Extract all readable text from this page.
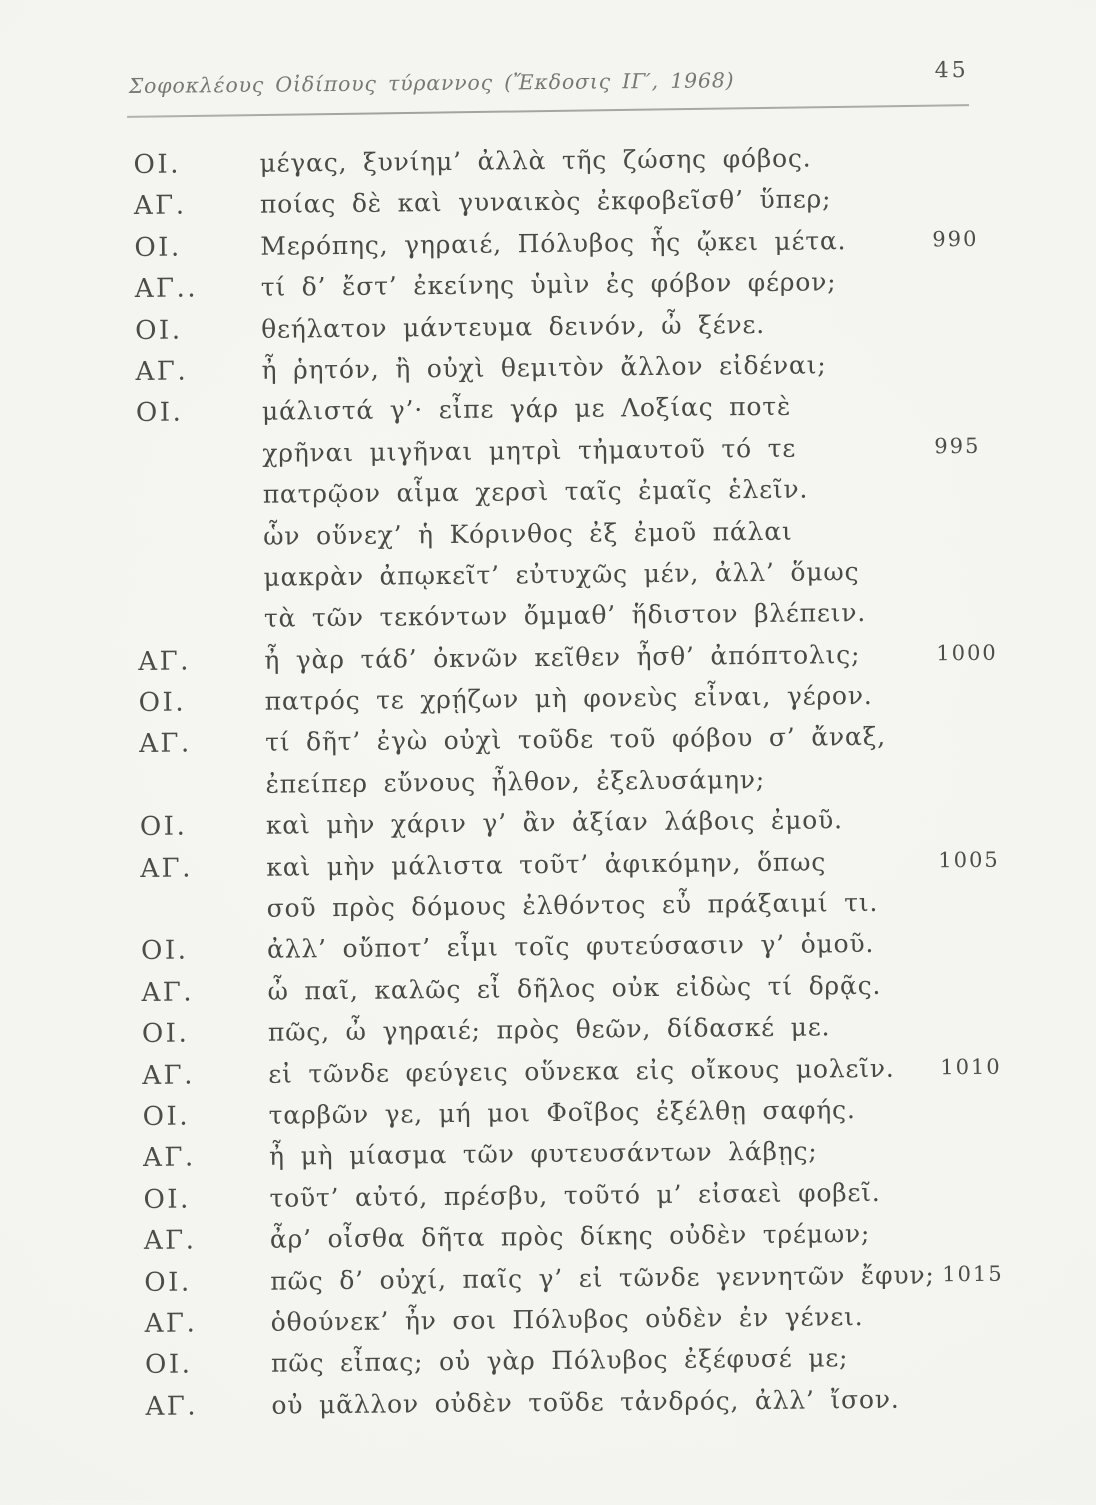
Σοφοκλέους Οἰδίπους τύραννος (Ἔκδοσις ΙΓ′, 1968)	45
ΟΙ.	μέγας, ξυνίημ’ ἀλλὰ τῆς ζώσης φόβος.
ΑΓ.	ποίας δὲ καὶ γυναικὸς ἐκφοβεῖσθ’ ὕπερ;
ΟΙ.	Μερόπης, γηραιέ, Πόλυβος ἧς ᾤκει μέτα.	990
ΑΓ.. τί δ’ ἔστ’ ἐκείνης ὑμὶν ἐς φόβον φέρον;
ΟΙ.	θεήλατον μάντευμα δεινόν, ὦ ξένε.
ΑΓ.	ἦ ῥητόν, ἢ οὐχὶ θεμιτὸν ἄλλον εἰδέναι;
ΟΙ.	μάλιστά γ’· εἶπε γάρ με Λοξίας ποτὲ
χρῆναι μιγῆναι μητρὶ τἠμαυτοῦ τό τε	995
πατρῷον αἷμα χερσὶ ταῖς ἐμαῖς ἑλεῖν.
ὧν οὕνεχ’ ἡ Κόρινθος ἐξ ἐμοῦ πάλαι
μακρὰν ἀπῳκεῖτ’ εὐτυχῶς μέν, ἀλλ’ ὅμως
τὰ τῶν τεκόντων ὄμμαθ’ ἥδιστον βλέπειν.
ΑΓ.	ἦ γὰρ τάδ’ ὀκνῶν κεῖθεν ἦσθ’ ἀπόπτολις;	1000
ΟΙ.	πατρός τε χρῄζων μὴ φονεὺς εἶναι, γέρον.
ΑΓ.	τί δῆτ’ ἐγὼ οὐχὶ τοῦδε τοῦ φόβου σ’ ἄναξ,
ἐπείπερ εὔνους ἦλθον, ἐξελυσάμην;
ΟΙ.	καὶ μὴν χάριν γ’ ἂν ἀξίαν λάβοις ἐμοῦ.
ΑΓ.	καὶ μὴν μάλιστα τοῦτ’ ἀφικόμην, ὅπως	1005
σοῦ πρὸς δόμους ἐλθόντος εὖ πράξαιμί τι.
ΟΙ.	ἀλλ’ οὔποτ’ εἶμι τοῖς φυτεύσασιν γ’ ὁμοῦ.
ΑΓ.	ὦ παῖ, καλῶς εἶ δῆλος οὐκ εἰδὼς τί δρᾷς.
ΟΙ.	πῶς, ὦ γηραιέ; πρὸς θεῶν, δίδασκέ με.
ΑΓ.	εἰ τῶνδε φεύγεις οὕνεκα εἰς οἴκους μολεῖν. 1010
ΟΙ.	ταρβῶν γε, μή μοι Φοῖβος ἐξέλθῃ σαφής.
ΑΓ.	ἦ μὴ μίασμα τῶν φυτευσάντων λάβῃς;
ΟΙ.	τοῦτ’ αὐτό, πρέσβυ, τοῦτό μ’ εἰσαεὶ φοβεῖ.
ΑΓ.	ἆρ’ οἶσθα δῆτα πρὸς δίκης οὐδὲν τρέμων;
ΟΙ.	πῶς δ’ οὐχί, παῖς γ’ εἰ τῶνδε γεννητῶν ἔφυν; 1015
ΑΓ.	ὁθούνεκ’ ἦν σοι Πόλυβος οὐδὲν ἐν γένει.
ΟΙ.	πῶς εἶπας; οὐ γὰρ Πόλυβος ἐξέφυσέ με;
ΑΓ.	οὐ μᾶλλον οὐδὲν τοῦδε τἀνδρός, ἀλλ’ ἴσον.
